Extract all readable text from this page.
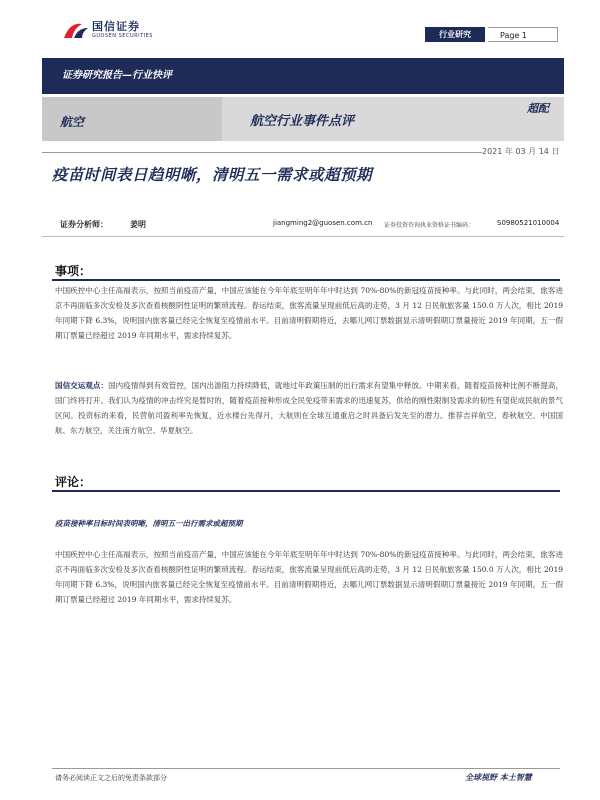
国信证券
GUOSEN SECURITIES	行业研究	Page 1
证券研究报告—行业快评
航空	航空行业事件点评
超配
2021 年 03 月 14 日
疫苗时间表日趋明晰，清明五一需求或超预期
证券分析师：	姜明	jiangming2@guosen.com.cn 证券投资咨询执业资格证书编码：	S0980521010004
事项：
中国疾控中心主任高福表示，按照当前疫苗产量，中国应该能在今年年底至明年年中时达到 70%-80%的新冠疫苗接种率。与此同时，两会结束，旅客进京不再面临多次安检及多次查看核酸阴性证明的繁琐流程。春运结束，旅客流量呈现前低后高的走势，3 月 12 日民航旅客量 150.0 万人次，相比 2019 年同期下降 6.3%，说明国内旅客量已经完全恢复至疫情前水平。目前清明假期将近，去哪儿网订票数据显示清明假期订票量接近 2019 年同期，五一假期订票量已经超过 2019 年同期水平，需求持续复苏。
国信交运观点：国内疫情得到有效管控，国内出游阻力持续降低，就地过年政策压制的出行需求有望集中释放。中期来看，随着疫苗接种比例不断提高，国门终将打开。我们认为疫情的冲击终究是暂时的，随着疫苗接种形成全民免疫带来需求的迅速复苏，供给的刚性限制及需求的韧性有望促成民航的景气区间。投资标的来看，民营航司盈利率先恢复，近水楼台先得月，大航则在全球互通重启之时具备后发先至的潜力。推荐吉祥航空、春秋航空、中国国航、东方航空，关注南方航空、华夏航空。
评论：
疫苗接种率目标时间表明晰，清明五一出行需求或超预期
中国疾控中心主任高福表示，按照当前疫苗产量，中国应该能在今年年底至明年年中时达到 70%-80%的新冠疫苗接种率。与此同时，两会结束，旅客进京不再面临多次安检及多次查看核酸阴性证明的繁琐流程。春运结束，旅客流量呈现前低后高的走势，3 月 12 日民航旅客量 150.0 万人次，相比 2019 年同期下降 6.3%，说明国内旅客量已经完全恢复至疫情前水平。目前清明假期将近，去哪儿网订票数据显示清明假期订票量接近 2019 年同期，五一假期订票量已经超过 2019 年同期水平，需求持续复苏。
请务必阅读正文之后的免责条款部分	全球视野 本土智慧
